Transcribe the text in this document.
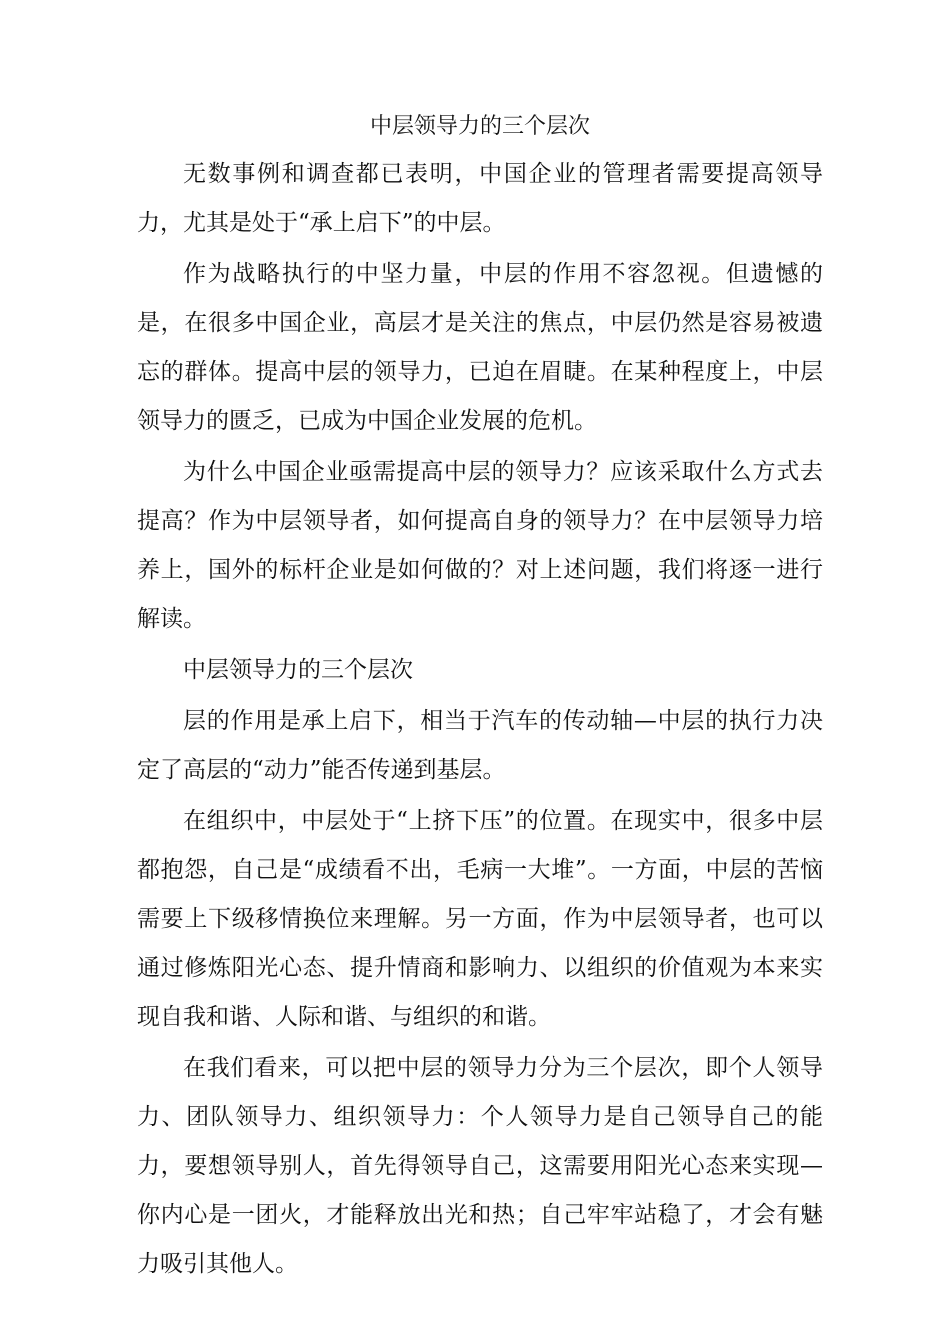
中层领导力的三个层次

无数事例和调查都已表明，中国企业的管理者需要提高领导力，尤其是处于“承上启下”的中层。

作为战略执行的中坚力量，中层的作用不容忽视。但遗憾的是，在很多中国企业，高层才是关注的焦点，中层仍然是容易被遗忘的群体。提高中层的领导力，已迫在眉睫。在某种程度上，中层领导力的匮乏，已成为中国企业发展的危机。

为什么中国企业亟需提高中层的领导力？应该采取什么方式去提高？作为中层领导者，如何提高自身的领导力？在中层领导力培养上，国外的标杆企业是如何做的？对上述问题，我们将逐一进行解读。

中层领导力的三个层次

层的作用是承上启下，相当于汽车的传动轴—中层的执行力决定了高层的“动力”能否传递到基层。

在组织中，中层处于“上挤下压”的位置。在现实中，很多中层都抱怨，自己是“成绩看不出，毛病一大堆”。一方面，中层的苦恼需要上下级移情换位来理解。另一方面，作为中层领导者，也可以通过修炼阳光心态、提升情商和影响力、以组织的价值观为本来实现自我和谐、人际和谐、与组织的和谐。

在我们看来，可以把中层的领导力分为三个层次，即个人领导力、团队领导力、组织领导力：个人领导力是自己领导自己的能力，要想领导别人，首先得领导自己，这需要用阳光心态来实现—你内心是一团火，才能释放出光和热；自己牢牢站稳了，才会有魅力吸引其他人。
